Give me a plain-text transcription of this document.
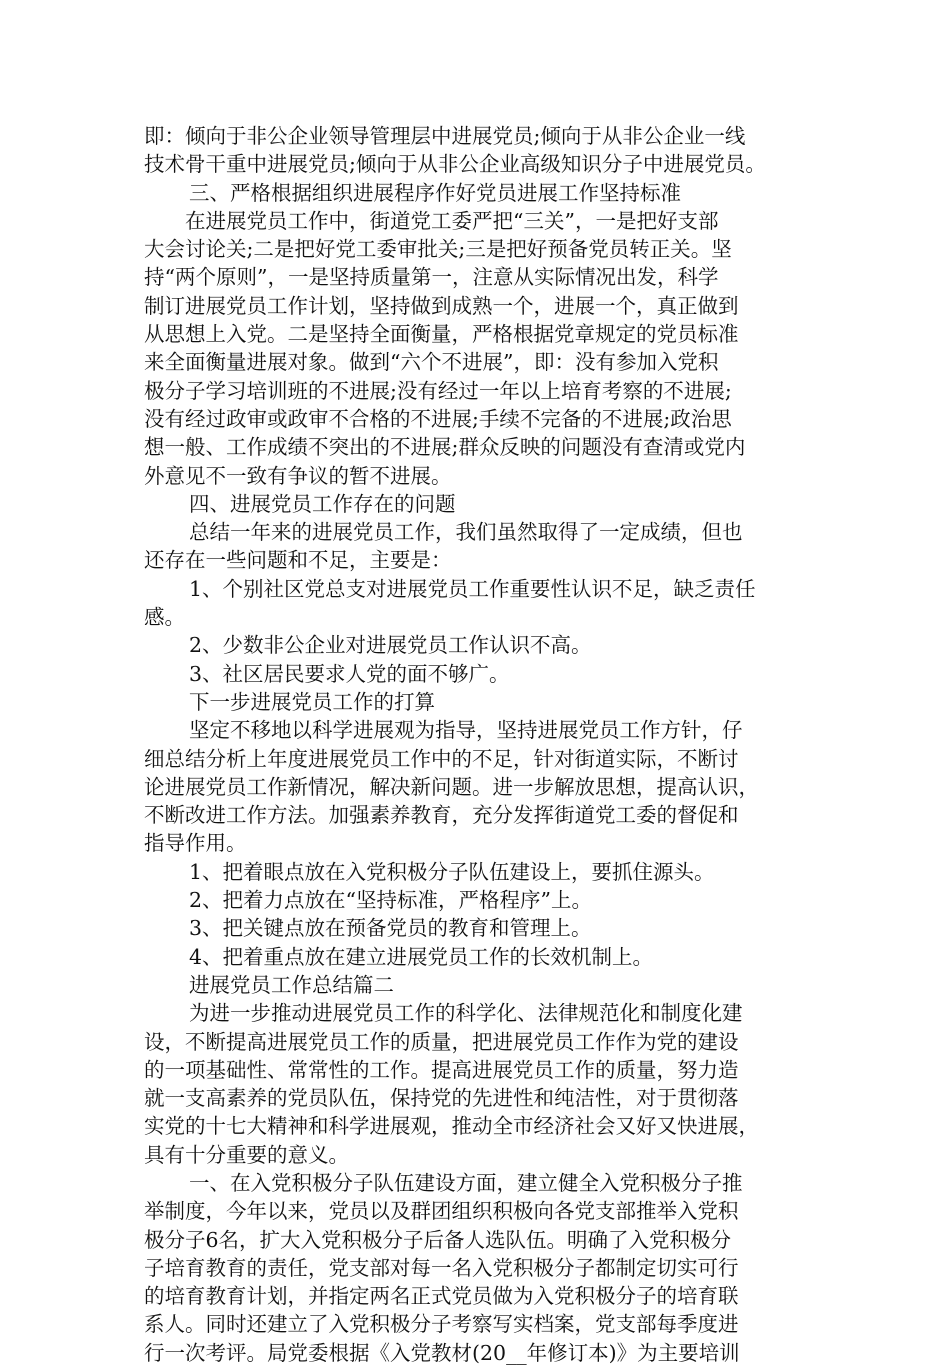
即：倾向于非公企业领导管理层中进展党员;倾向于从非公企业一线
技术骨干重中进展党员;倾向于从非公企业高级知识分子中进展党员。
三、严格根据组织进展程序作好党员进展工作坚持标准
在进展党员工作中，街道党工委严把“三关”，一是把好支部
大会讨论关;二是把好党工委审批关;三是把好预备党员转正关。坚
持“两个原则”，一是坚持质量第一，注意从实际情况出发，科学
制订进展党员工作计划，坚持做到成熟一个，进展一个，真正做到
从思想上入党。二是坚持全面衡量，严格根据党章规定的党员标准
来全面衡量进展对象。做到“六个不进展”，即：没有参加入党积
极分子学习培训班的不进展;没有经过一年以上培育考察的不进展;
没有经过政审或政审不合格的不进展;手续不完备的不进展;政治思
想一般、工作成绩不突出的不进展;群众反映的问题没有查清或党内
外意见不一致有争议的暂不进展。
四、进展党员工作存在的问题
总结一年来的进展党员工作，我们虽然取得了一定成绩，但也
还存在一些问题和不足，主要是：
1、个别社区党总支对进展党员工作重要性认识不足，缺乏责任
感。
2、少数非公企业对进展党员工作认识不高。
3、社区居民要求人党的面不够广。
下一步进展党员工作的打算
坚定不移地以科学进展观为指导，坚持进展党员工作方针，仔
细总结分析上年度进展党员工作中的不足，针对街道实际，不断讨
论进展党员工作新情况，解决新问题。进一步解放思想，提高认识，
不断改进工作方法。加强素养教育，充分发挥街道党工委的督促和
指导作用。
1、把着眼点放在入党积极分子队伍建设上，要抓住源头。
2、把着力点放在“坚持标准，严格程序”上。
3、把关键点放在预备党员的教育和管理上。
4、把着重点放在建立进展党员工作的长效机制上。
进展党员工作总结篇二
为进一步推动进展党员工作的科学化、法律规范化和制度化建
设，不断提高进展党员工作的质量，把进展党员工作作为党的建设
的一项基础性、常常性的工作。提高进展党员工作的质量，努力造
就一支高素养的党员队伍，保持党的先进性和纯洁性，对于贯彻落
实党的十七大精神和科学进展观，推动全市经济社会又好又快进展，
具有十分重要的意义。
一、在入党积极分子队伍建设方面，建立健全入党积极分子推
举制度，今年以来，党员以及群团组织积极向各党支部推举入党积
极分子6名，扩大入党积极分子后备人选队伍。明确了入党积极分
子培育教育的责任，党支部对每一名入党积极分子都制定切实可行
的培育教育计划，并指定两名正式党员做为入党积极分子的培育联
系人。同时还建立了入党积极分子考察写实档案，党支部每季度进
行一次考评。局党委根据《入党教材(20__年修订本)》为主要培训
